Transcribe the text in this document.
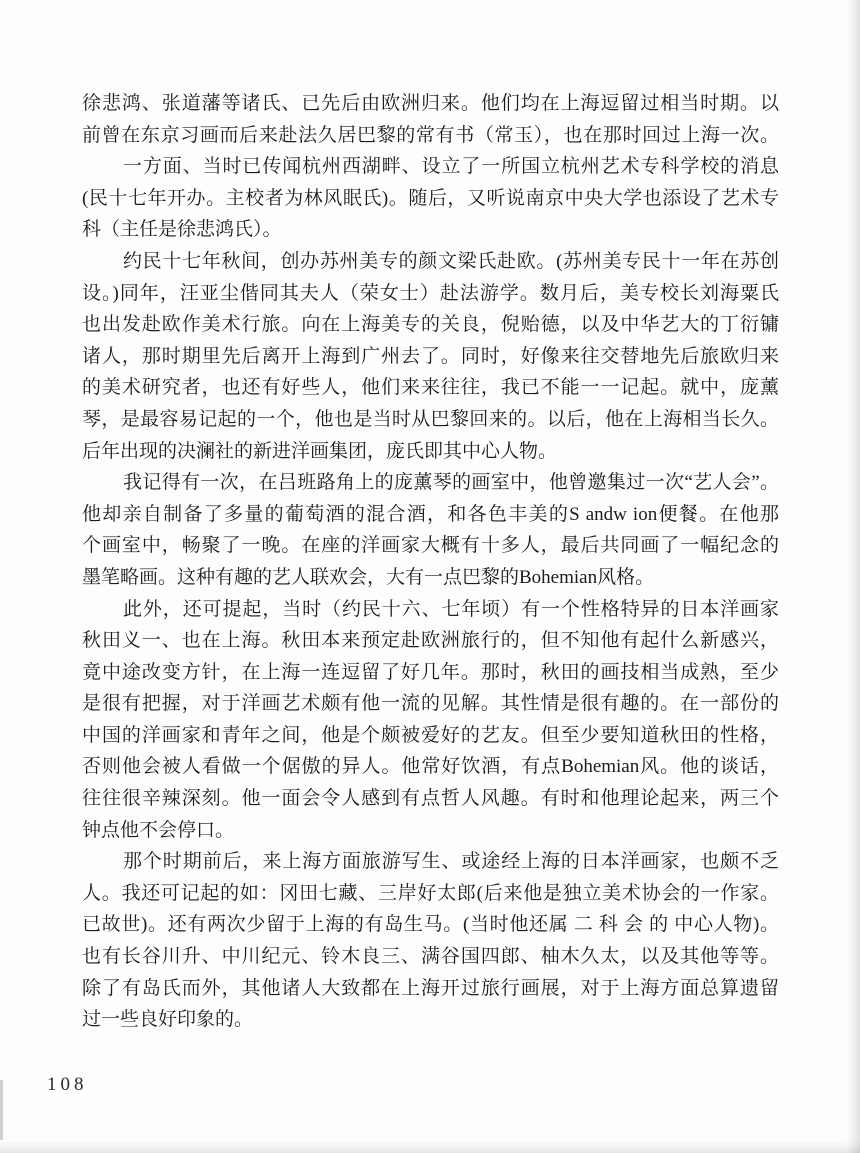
徐悲鸿、张道藩等诸氏、已先后由欧洲归来。他们均在上海逗留过相当时期。以
前曾在东京习画而后来赴法久居巴黎的常有书（常玉），也在那时回过上海一次。
一方面、当时已传闻杭州西湖畔、设立了一所国立杭州艺术专科学校的消息
(民十七年开办。主校者为林风眠氏)。随后，又听说南京中央大学也添设了艺术专
科（主任是徐悲鸿氏）。
约民十七年秋间，创办苏州美专的颜文梁氏赴欧。(苏州美专民十一年在苏创
设。)同年，汪亚尘偕同其夫人（荣女士）赴法游学。数月后，美专校长刘海粟氏
也出发赴欧作美术行旅。向在上海美专的关良，倪贻德，以及中华艺大的丁衍镛
诸人，那时期里先后离开上海到广州去了。同时，好像来往交替地先后旅欧归来
的美术研究者，也还有好些人，他们来来往往，我已不能一一记起。就中，庞薰
琴，是最容易记起的一个，他也是当时从巴黎回来的。以后，他在上海相当长久。
后年出现的决澜社的新进洋画集团，庞氏即其中心人物。
我记得有一次，在吕班路角上的庞薰琴的画室中，他曾邀集过一次“艺人会”。
他却亲自制备了多量的葡萄酒的混合酒，和各色丰美的S andw ion便餐。在他那
个画室中，畅聚了一晚。在座的洋画家大概有十多人，最后共同画了一幅纪念的
墨笔略画。这种有趣的艺人联欢会，大有一点巴黎的Bohemian风格。
此外，还可提起，当时（约民十六、七年顷）有一个性格特异的日本洋画家
秋田义一、也在上海。秋田本来预定赴欧洲旅行的，但不知他有起什么新感兴，
竟中途改变方针，在上海一连逗留了好几年。那时，秋田的画技相当成熟，至少
是很有把握，对于洋画艺术颇有他一流的见解。其性情是很有趣的。在一部份的
中国的洋画家和青年之间，他是个颇被爱好的艺友。但至少要知道秋田的性格，
否则他会被人看做一个倨傲的异人。他常好饮酒，有点Bohemian风。他的谈话，
往往很辛辣深刻。他一面会令人感到有点哲人风趣。有时和他理论起来，两三个
钟点他不会停口。
那个时期前后，来上海方面旅游写生、或途经上海的日本洋画家，也颇不乏
人。我还可记起的如：冈田七藏、三岸好太郎(后来他是独立美术协会的一作家。
已故世)。还有两次少留于上海的有岛生马。(当时他还属 二 科 会 的 中心人物)。
也有长谷川升、中川纪元、铃木良三、满谷国四郎、柚木久太，以及其他等等。
除了有岛氏而外，其他诸人大致都在上海开过旅行画展，对于上海方面总算遗留
过一些良好印象的。
108
